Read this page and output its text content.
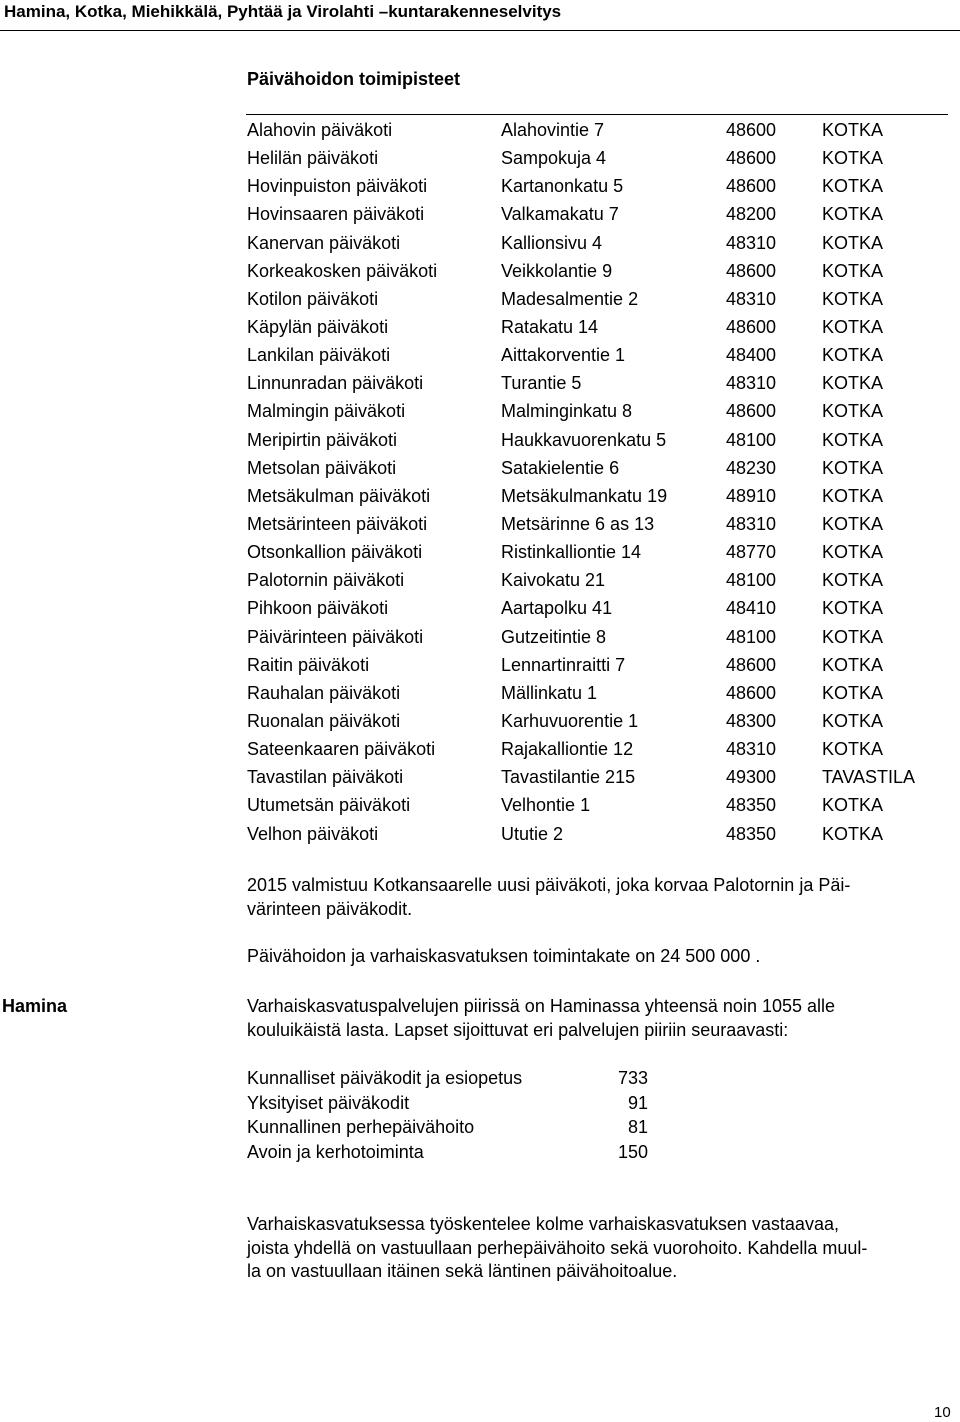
Hamina, Kotka, Miehikkälä, Pyhtää ja Virolahti –kuntarakenneselvitys
Päivähoidon toimipisteet
Alahovin päiväkoti	Alahovintie 7	48600	KOTKA
Helilän päiväkoti	Sampokuja 4	48600	KOTKA
Hovinpuiston päiväkoti	Kartanonkatu 5	48600	KOTKA
Hovinsaaren päiväkoti	Valkamakatu 7	48200	KOTKA
Kanervan päiväkoti	Kallionsivu 4	48310	KOTKA
Korkeakosken päiväkoti	Veikkolantie 9	48600	KOTKA
Kotilon päiväkoti	Madesalmentie 2	48310	KOTKA
Käpylän päiväkoti	Ratakatu 14	48600	KOTKA
Lankilan päiväkoti	Aittakorventie 1	48400	KOTKA
Linnunradan päiväkoti	Turantie 5	48310	KOTKA
Malmingin päiväkoti	Malminginkatu 8	48600	KOTKA
Meripirtin päiväkoti	Haukkavuorenkatu 5	48100	KOTKA
Metsolan päiväkoti	Satakielentie 6	48230	KOTKA
Metsäkulman päiväkoti	Metsäkulmankatu 19	48910	KOTKA
Metsärinteen päiväkoti	Metsärinne 6 as 13	48310	KOTKA
Otsonkallion päiväkoti	Ristinkalliontie 14	48770	KOTKA
Palotornin päiväkoti	Kaivokatu 21	48100	KOTKA
Pihkoon päiväkoti	Aartapolku 41	48410	KOTKA
Päivärinteen päiväkoti	Gutzeitintie 8	48100	KOTKA
Raitin päiväkoti	Lennartinraitti 7	48600	KOTKA
Rauhalan päiväkoti	Mällinkatu 1	48600	KOTKA
Ruonalan päiväkoti	Karhuvuorentie 1	48300	KOTKA
Sateenkaaren päiväkoti	Rajakalliontie 12	48310	KOTKA
Tavastilan päiväkoti	Tavastilantie 215	49300	TAVASTILA
Utumetsän päiväkoti	Velhontie 1	48350	KOTKA
Velhon päiväkoti	Ututie 2	48350	KOTKA

2015 valmistuu Kotkansaarelle uusi päiväkoti, joka korvaa Palotornin ja Päi-
värinteen päiväkodit.

Päivähoidon ja varhaiskasvatuksen toimintakate on 24 500 000 .

Hamina	Varhaiskasvatuspalvelujen piirissä on Haminassa yhteensä noin 1055 alle
kouluikäistä lasta. Lapset sijoittuvat eri palvelujen piiriin seuraavasti:

Kunnalliset päiväkodit ja esiopetus	733
Yksityiset päiväkodit	91
Kunnallinen perhepäivähoito	81
Avoin ja kerhotoiminta	150

Varhaiskasvatuksessa työskentelee kolme varhaiskasvatuksen vastaavaa,
joista yhdellä on vastuullaan perhepäivähoito sekä vuorohoito. Kahdella muul-
la on vastuullaan itäinen sekä läntinen päivähoitoalue.

10
